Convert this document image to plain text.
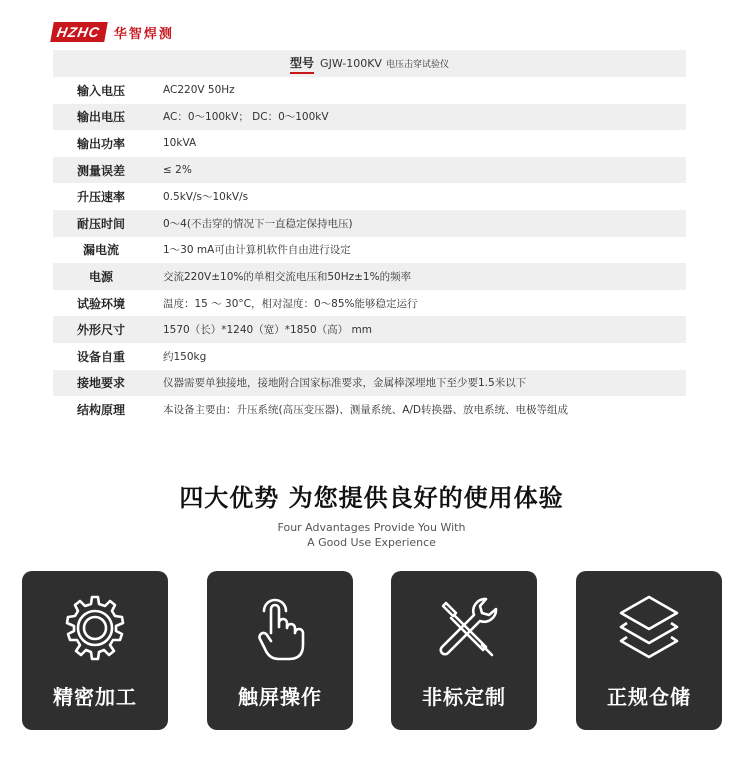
HZHC 华智焊测
型号 GJW-100KV 电压击穿试验仪
输入电压	AC220V 50Hz
输出电压	AC：0～100kV； DC：0～100kV
输出功率	10kVA
测量误差	≤ 2%
升压速率	0.5kV/s～10kV/s
耐压时间	0～4(不击穿的情况下一直稳定保持电压)
漏电流	1～30 mA可由计算机软件自由进行设定
电源	交流220V±10%的单相交流电压和50Hz±1%的频率
试验环境	温度：15 ～ 30°C，相对湿度：0～85%能够稳定运行
外形尺寸	1570（长）*1240（宽）*1850（高） mm
设备自重	约150kg
接地要求	仪器需要单独接地，接地附合国家标准要求，金属棒深埋地下至少要1.5米以下
结构原理	本设备主要由：升压系统(高压变压器)、测量系统、A/D转换器、放电系统、电极等组成
四大优势 为您提供良好的使用体验
Four Advantages Provide You With
A Good Use Experience
精密加工	触屏操作	非标定制	正规仓储
